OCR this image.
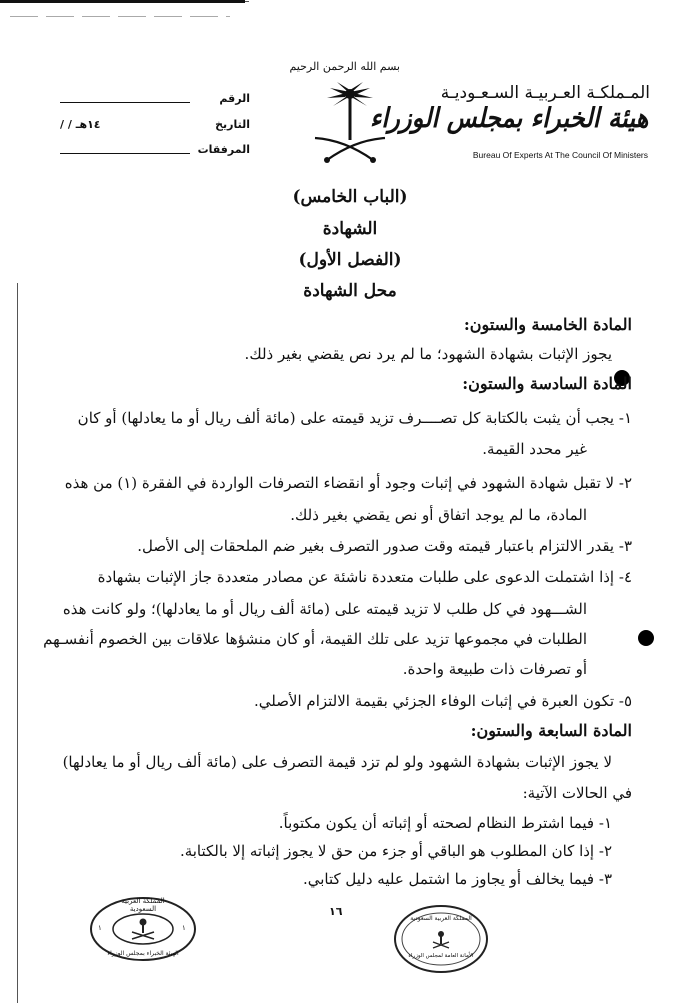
المـملكـة العـربيـة السـعـوديـة
هيئة الخبراء بمجلس الوزراء
Bureau Of Experts At The Council Of Ministers
بسم الله الرحمن الرحيم
الرقم
التاريخ
١٤هـ / /
المرفقات
(الباب الخامس)
الشهادة
(الفصل الأول)
محل الشهادة
المادة الخامسة والستون:
يجوز الإثبات بشهادة الشهود؛ ما لم يرد نص يقضي بغير ذلك.
المادة السادسة والستون:
١- يجب أن يثبت بالكتابة كل تصــــرف تزيد قيمته على (مائة ألف ريال أو ما يعادلها) أو كان
غير محدد القيمة.
٢- لا تقبل شهادة الشهود في إثبات وجود أو انقضاء التصرفات الواردة في الفقرة (١) من هذه
المادة، ما لم يوجد اتفاق أو نص يقضي بغير ذلك.
٣- يقدر الالتزام باعتبار قيمته وقت صدور التصرف بغير ضم الملحقات إلى الأصل.
٤- إذا اشتملت الدعوى على طلبات متعددة ناشئة عن مصادر متعددة جاز الإثبات بشهادة
الشـــهود في كل طلب لا تزيد قيمته على (مائة ألف ريال أو ما يعادلها)؛ ولو كانت هذه
الطلبات في مجموعها تزيد على تلك القيمة، أو كان منشؤها علاقات بين الخصوم أنفسـهم
أو تصرفات ذات طبيعة واحدة.
٥- تكون العبرة في إثبات الوفاء الجزئي بقيمة الالتزام الأصلي.
المادة السابعة والستون:
لا يجوز الإثبات بشهادة الشهود ولو لم تزد قيمة التصرف على (مائة ألف ريال أو ما يعادلها)
في الحالات الآتية:
١- فيما اشترط النظام لصحته أو إثباته أن يكون مكتوباً.
٢- إذا كان المطلوب هو الباقي أو جزء من حق لا يجوز إثباته إلا بالكتابة.
٣- فيما يخالف أو يجاوز ما اشتمل عليه دليل كتابي.
١٦
المملكة العربية السعودية
الهيئة الخبراء بمجلس الوزراء
١	١
المملكة العربية السعودية
الأمانة العامة لمجلس الوزراء
